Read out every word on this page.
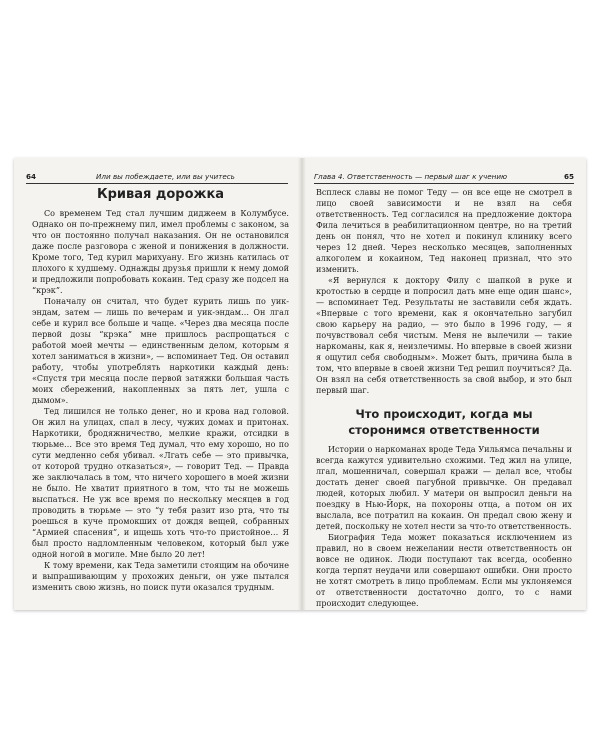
64	Или вы побеждаете, или вы учитесь
Кривая дорожка

Со временем Тед стал лучшим диджеем в Колумбусе. Однако он по-прежнему пил, имел проблемы с законом, за что он постоянно получал наказания. Он не остановился даже после разговора с женой и понижения в должности. Кроме того, Тед курил марихуану. Его жизнь катилась от плохого к худшему. Однажды друзья пришли к нему домой и предложили попробовать кокаин. Тед сразу же подсел на “крэк”.

Поначалу он считал, что будет курить лишь по уик-эндам, затем — лишь по вечерам и уик-эндам… Он лгал себе и курил все больше и чаще. «Через два месяца после первой дозы “крэка” мне пришлось распрощаться с работой моей мечты — единственным делом, которым я хотел заниматься в жизни», — вспоминает Тед. Он оставил работу, чтобы употреблять наркотики каждый день: «Спустя три месяца после первой затяжки большая часть моих сбережений, накопленных за пять лет, ушла с дымом».

Тед лишился не только денег, но и крова над головой. Он жил на улицах, спал в лесу, чужих домах и притонах. Наркотики, бродяжничество, мелкие кражи, отсидки в тюрьме… Все это время Тед думал, что ему хорошо, но по сути медленно себя убивал. «Лгать себе — это привычка, от которой трудно отказаться», — говорит Тед. — Правда же заключалась в том, что ничего хорошего в моей жизни не было. Не хватит приятного в том, что ты не можешь выспаться. Не уж все время по нескольку месяцев в год проводить в тюрьме — это “у тебя разит изо рта, что ты роешься в куче промокших от дождя вещей, собранных “Армией спасения”, и ищешь хоть что-то пристойное… Я был просто надломленным человеком, который был уже одной ногой в могиле. Мне было 20 лет!

К тому времени, как Теда заметили стоящим на обочине и выпрашивающим у прохожих деньги, он уже пытался изменить свою жизнь, но поиск пути оказался трудным.

Глава 4. Ответственность — первый шаг к учению	65

Всплеск славы не помог Теду — он все еще не смотрел в лицо своей зависимости и не взял на себя ответственность. Тед согласился на предложение доктора Фила лечиться в реабилитационном центре, но на третий день он понял, что не хотел и покинул клинику всего через 12 дней. Через несколько месяцев, заполненных алкоголем и кокаином, Тед наконец признал, что это изменить.

«Я вернулся к доктору Филу с шапкой в руке и кротостью в сердце и попросил дать мне еще один шанс», — вспоминает Тед. Результаты не заставили себя ждать. «Впервые с того времени, как я окончательно загубил свою карьеру на радио, — это было в 1996 году, — я почувствовал себя чистым. Меня не вылечили — такие наркоманы, как я, неизлечимы. Но впервые в своей жизни я ощутил себя свободным». Может быть, причина была в том, что впервые в своей жизни Тед решил поучиться? Да. Он взял на себя ответственность за свой выбор, и это был первый шаг.

Что происходит, когда мы сторонимся ответственности

Истории о наркоманах вроде Теда Уильямса печальны и всегда кажутся удивительно схожими. Тед жил на улице, лгал, мошенничал, совершал кражи — делал все, чтобы достать денег своей пагубной привычке. Он предавал людей, которых любил. У матери он выпросил деньги на поездку в Нью-Йорк, на похороны отца, а потом он их выслала, все потратил на кокаин. Он предал свою жену и детей, поскольку не хотел нести за что-то ответственность.

Биография Теда может показаться исключением из правил, но в своем нежелании нести ответственность он вовсе не одинок. Люди поступают так всегда, особенно когда терпят неудачи или совершают ошибки. Они просто не хотят смотреть в лицо проблемам. Если мы уклоняемся от ответственности достаточно долго, то с нами происходит следующее.
